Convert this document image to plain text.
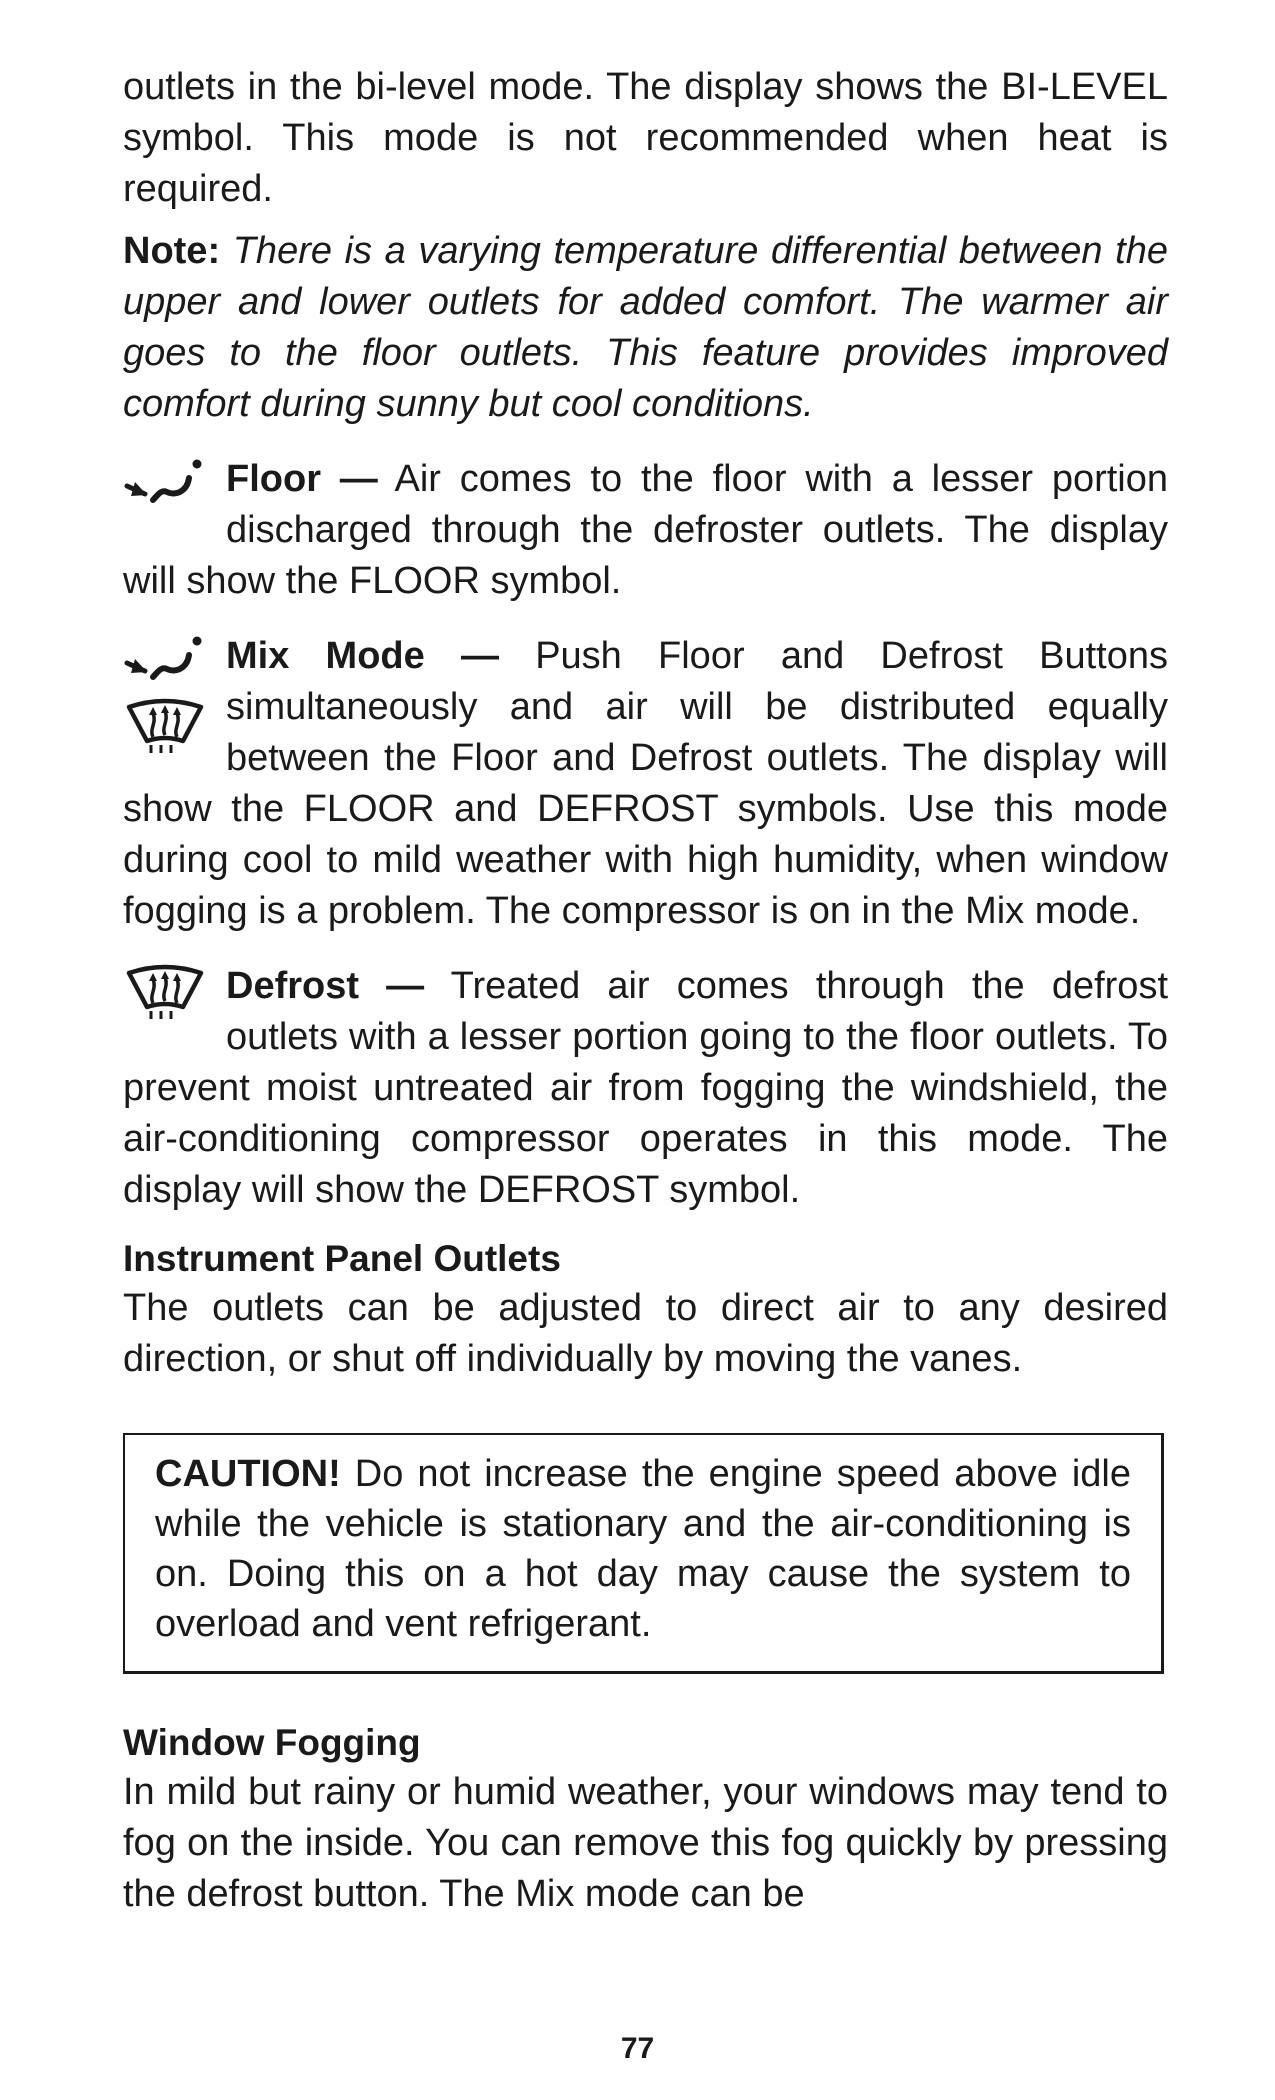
outlets in the bi-level mode. The display shows the BI-LEVEL symbol. This mode is not recommended when heat is required.

Note: There is a varying temperature differential between the upper and lower outlets for added comfort. The warmer air goes to the floor outlets. This feature provides improved comfort during sunny but cool conditions.

Floor — Air comes to the floor with a lesser portion discharged through the defroster outlets. The display will show the FLOOR symbol.

Mix Mode — Push Floor and Defrost Buttons simultaneously and air will be distributed equally between the Floor and Defrost outlets. The display will show the FLOOR and DEFROST symbols. Use this mode during cool to mild weather with high humidity, when window fogging is a problem. The compressor is on in the Mix mode.

Defrost — Treated air comes through the defrost outlets with a lesser portion going to the floor outlets. To prevent moist untreated air from fogging the windshield, the air-conditioning compressor operates in this mode. The display will show the DEFROST symbol.

Instrument Panel Outlets

The outlets can be adjusted to direct air to any desired direction, or shut off individually by moving the vanes.

CAUTION! Do not increase the engine speed above idle while the vehicle is stationary and the air-conditioning is on. Doing this on a hot day may cause the system to overload and vent refrigerant.

Window Fogging

In mild but rainy or humid weather, your windows may tend to fog on the inside. You can remove this fog quickly by pressing the defrost button. The Mix mode can be

77
